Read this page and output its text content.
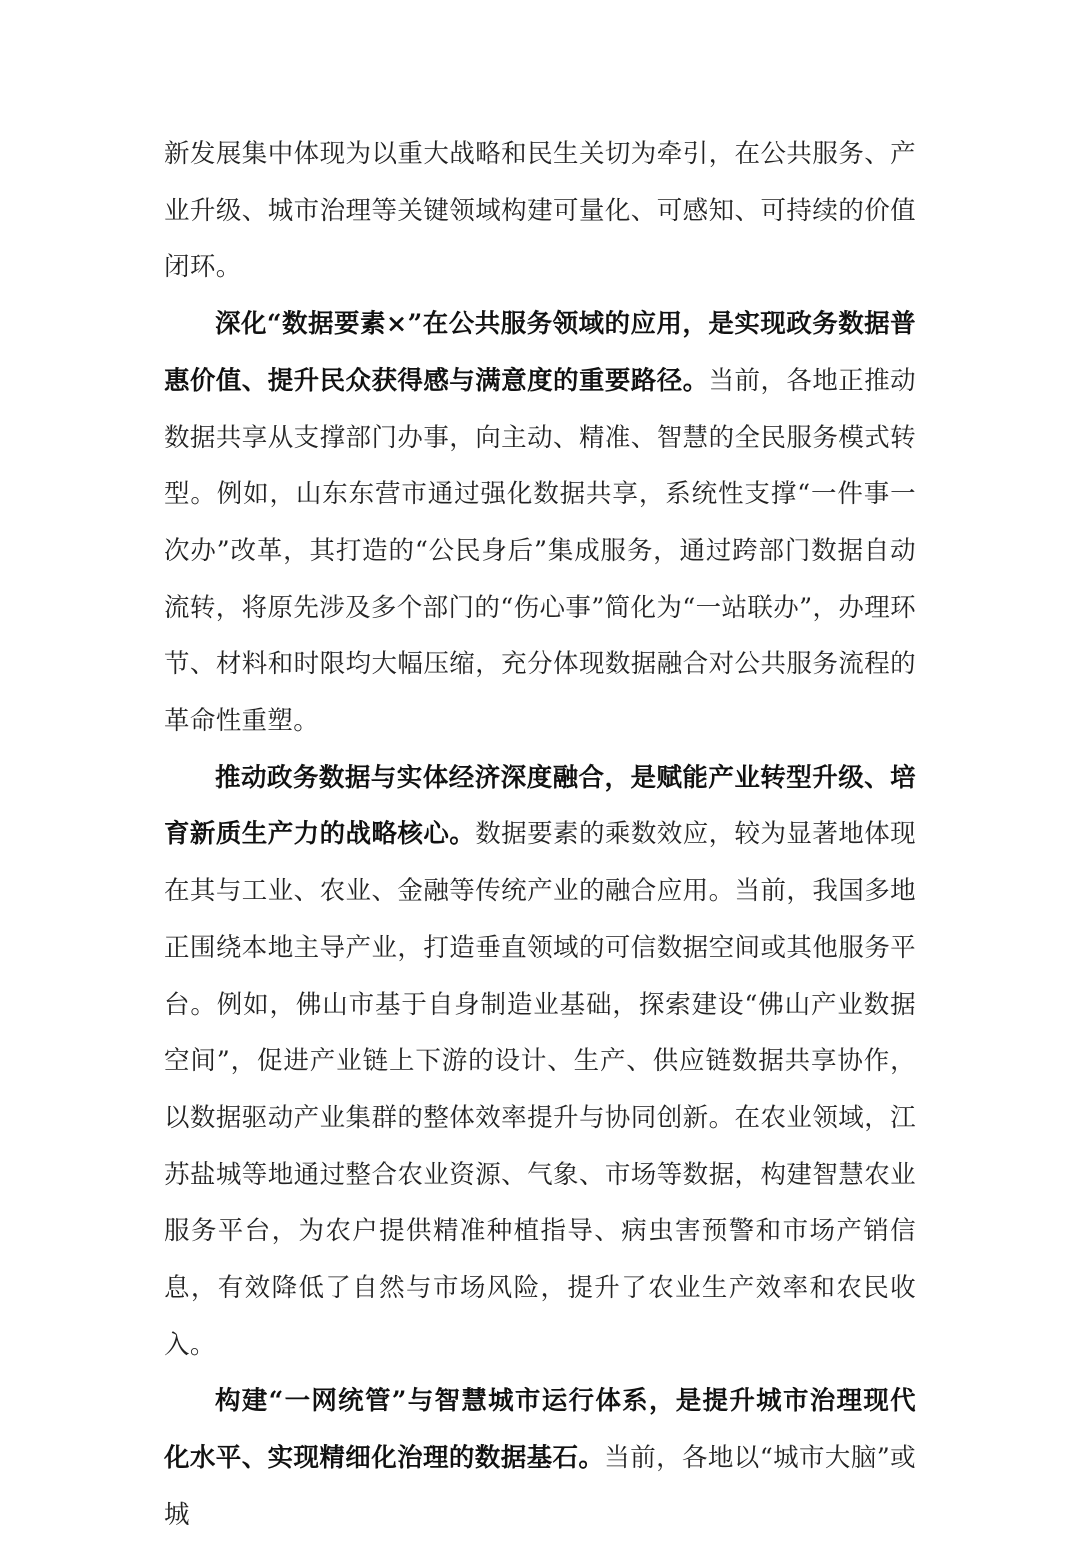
新发展集中体现为以重大战略和民生关切为牵引，在公共服务、产业升级、城市治理等关键领域构建可量化、可感知、可持续的价值闭环。

深化“数据要素×”在公共服务领域的应用，是实现政务数据普惠价值、提升民众获得感与满意度的重要路径。当前，各地正推动数据共享从支撑部门办事，向主动、精准、智慧的全民服务模式转型。例如，山东东营市通过强化数据共享，系统性支撑“一件事一次办”改革，其打造的“公民身后”集成服务，通过跨部门数据自动流转，将原先涉及多个部门的“伤心事”简化为“一站联办”，办理环节、材料和时限均大幅压缩，充分体现数据融合对公共服务流程的革命性重塑。

推动政务数据与实体经济深度融合，是赋能产业转型升级、培育新质生产力的战略核心。数据要素的乘数效应，较为显著地体现在其与工业、农业、金融等传统产业的融合应用。当前，我国多地正围绕本地主导产业，打造垂直领域的可信数据空间或其他服务平台。例如，佛山市基于自身制造业基础，探索建设“佛山产业数据空间”，促进产业链上下游的设计、生产、供应链数据共享协作，以数据驱动产业集群的整体效率提升与协同创新。在农业领域，江苏盐城等地通过整合农业资源、气象、市场等数据，构建智慧农业服务平台，为农户提供精准种植指导、病虫害预警和市场产销信息，有效降低了自然与市场风险，提升了农业生产效率和农民收入。

构建“一网统管”与智慧城市运行体系，是提升城市治理现代化水平、实现精细化治理的数据基石。当前，各地以“城市大脑”或城
